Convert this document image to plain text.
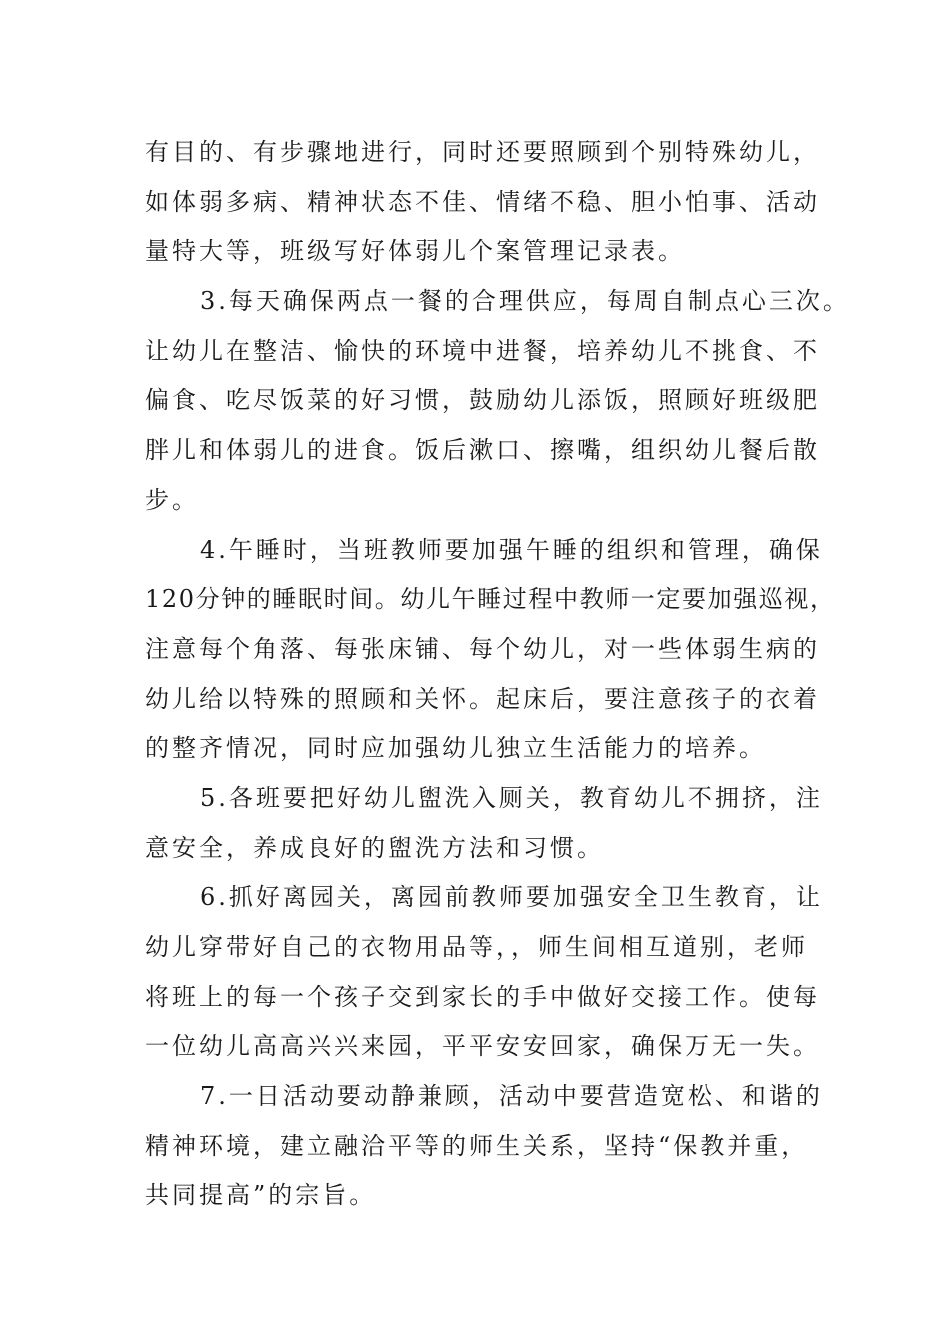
有目的、有步骤地进行，同时还要照顾到个别特殊幼儿，
如体弱多病、精神状态不佳、情绪不稳、胆小怕事、活动
量特大等，班级写好体弱儿个案管理记录表。
3.每天确保两点一餐的合理供应，每周自制点心三次。
让幼儿在整洁、愉快的环境中进餐，培养幼儿不挑食、不
偏食、吃尽饭菜的好习惯，鼓励幼儿添饭，照顾好班级肥
胖儿和体弱儿的进食。饭后漱口、擦嘴，组织幼儿餐后散
步。
4.午睡时，当班教师要加强午睡的组织和管理，确保
120分钟的睡眠时间。幼儿午睡过程中教师一定要加强巡视，
注意每个角落、每张床铺、每个幼儿，对一些体弱生病的
幼儿给以特殊的照顾和关怀。起床后，要注意孩子的衣着
的整齐情况，同时应加强幼儿独立生活能力的培养。
5.各班要把好幼儿盥洗入厕关，教育幼儿不拥挤，注
意安全，养成良好的盥洗方法和习惯。
6.抓好离园关，离园前教师要加强安全卫生教育，让
幼儿穿带好自己的衣物用品等，，师生间相互道别，老师
将班上的每一个孩子交到家长的手中做好交接工作。使每
一位幼儿高高兴兴来园，平平安安回家，确保万无一失。
7.一日活动要动静兼顾，活动中要营造宽松、和谐的
精神环境，建立融洽平等的师生关系，坚持“保教并重，
共同提高”的宗旨。
